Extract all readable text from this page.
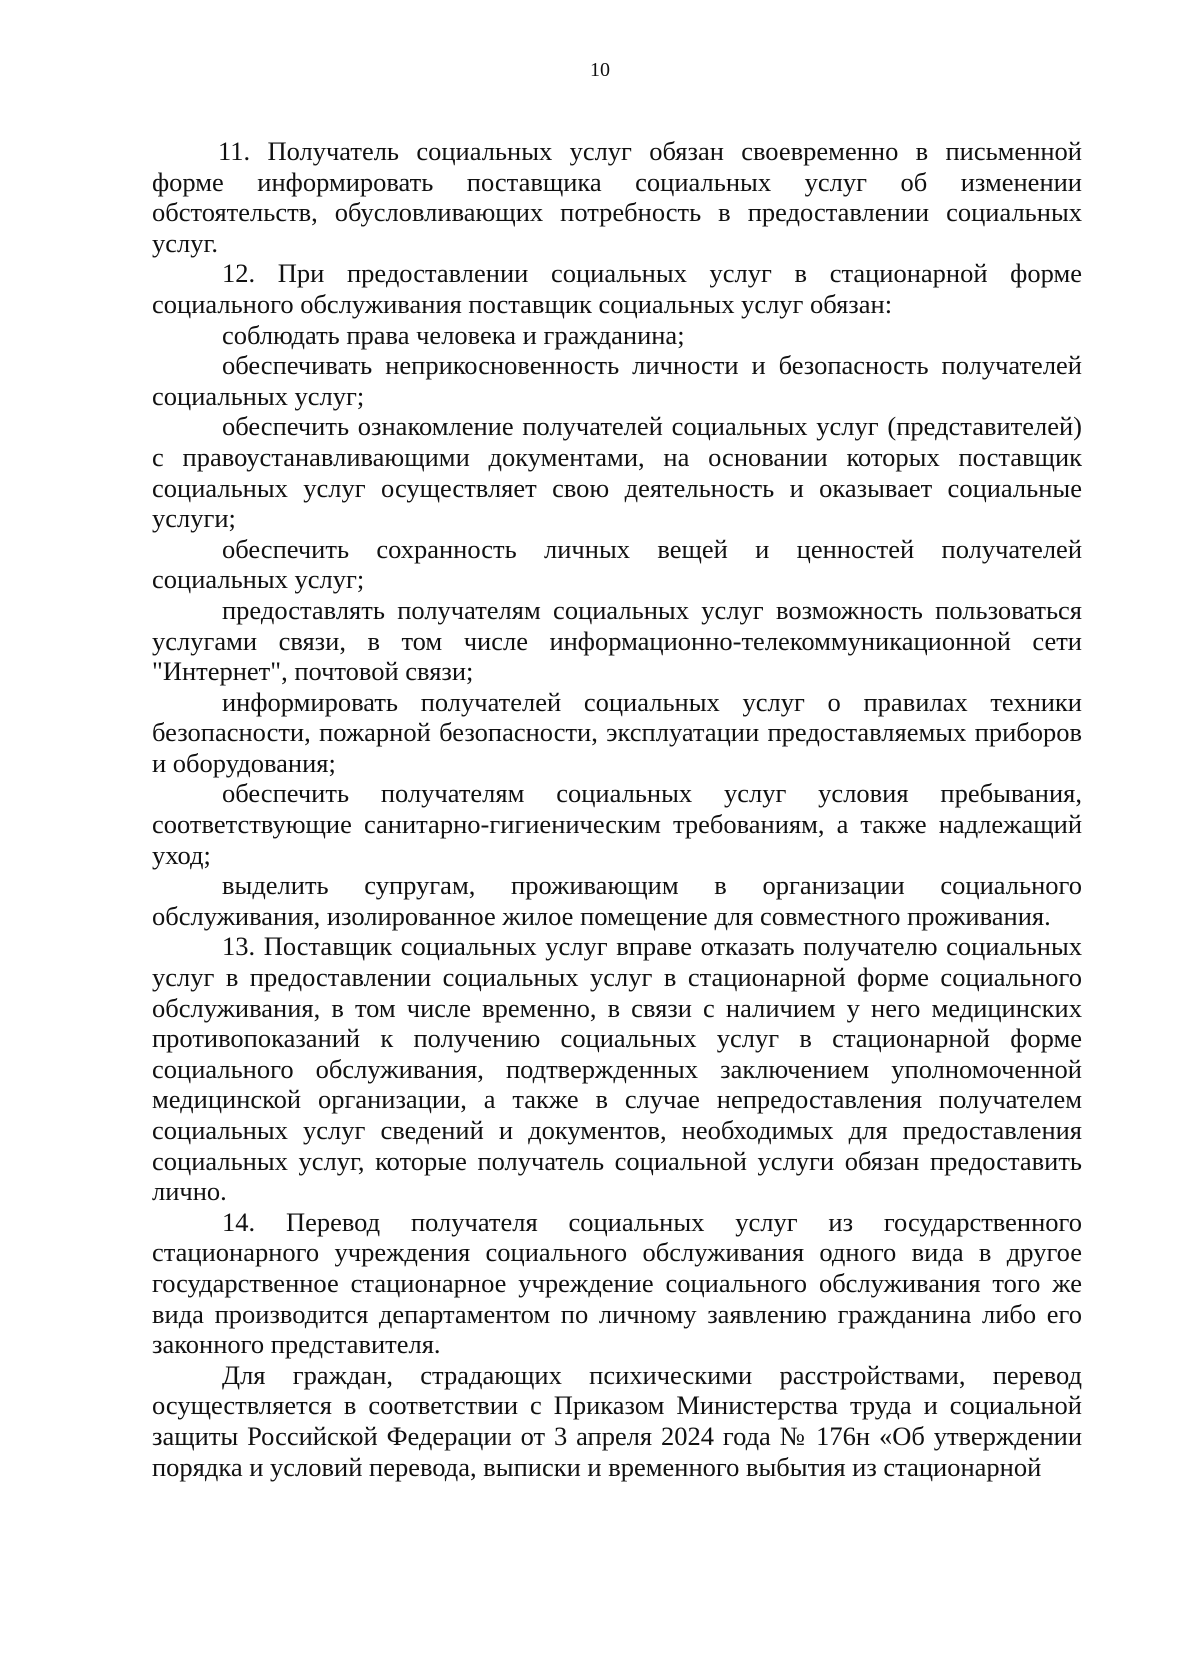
10

11. Получатель социальных услуг обязан своевременно в письменной форме информировать поставщика социальных услуг об изменении обстоятельств, обусловливающих потребность в предоставлении социальных услуг.

12. При предоставлении социальных услуг в стационарной форме социального обслуживания поставщик социальных услуг обязан:

соблюдать права человека и гражданина;

обеспечивать неприкосновенность личности и безопасность получателей социальных услуг;

обеспечить ознакомление получателей социальных услуг (представителей) с правоустанавливающими документами, на основании которых поставщик социальных услуг осуществляет свою деятельность и оказывает социальные услуги;

обеспечить сохранность личных вещей и ценностей получателей социальных услуг;

предоставлять получателям социальных услуг возможность пользоваться услугами связи, в том числе информационно-телекоммуникационной сети "Интернет", почтовой связи;

информировать получателей социальных услуг о правилах техники безопасности, пожарной безопасности, эксплуатации предоставляемых приборов и оборудования;

обеспечить получателям социальных услуг условия пребывания, соответствующие санитарно-гигиеническим требованиям, а также надлежащий уход;

выделить супругам, проживающим в организации социального обслуживания, изолированное жилое помещение для совместного проживания.

13. Поставщик социальных услуг вправе отказать получателю социальных услуг в предоставлении социальных услуг в стационарной форме социального обслуживания, в том числе временно, в связи с наличием у него медицинских противопоказаний к получению социальных услуг в стационарной форме социального обслуживания, подтвержденных заключением уполномоченной медицинской организации, а также в случае непредоставления получателем социальных услуг сведений и документов, необходимых для предоставления социальных услуг, которые получатель социальной услуги обязан предоставить лично.

14. Перевод получателя социальных услуг из государственного стационарного учреждения социального обслуживания одного вида в другое государственное стационарное учреждение социального обслуживания того же вида производится департаментом по личному заявлению гражданина либо его законного представителя.

Для граждан, страдающих психическими расстройствами, перевод осуществляется в соответствии с Приказом Министерства труда и социальной защиты Российской Федерации от 3 апреля 2024 года № 176н «Об утверждении порядка и условий перевода, выписки и временного выбытия из стационарной
